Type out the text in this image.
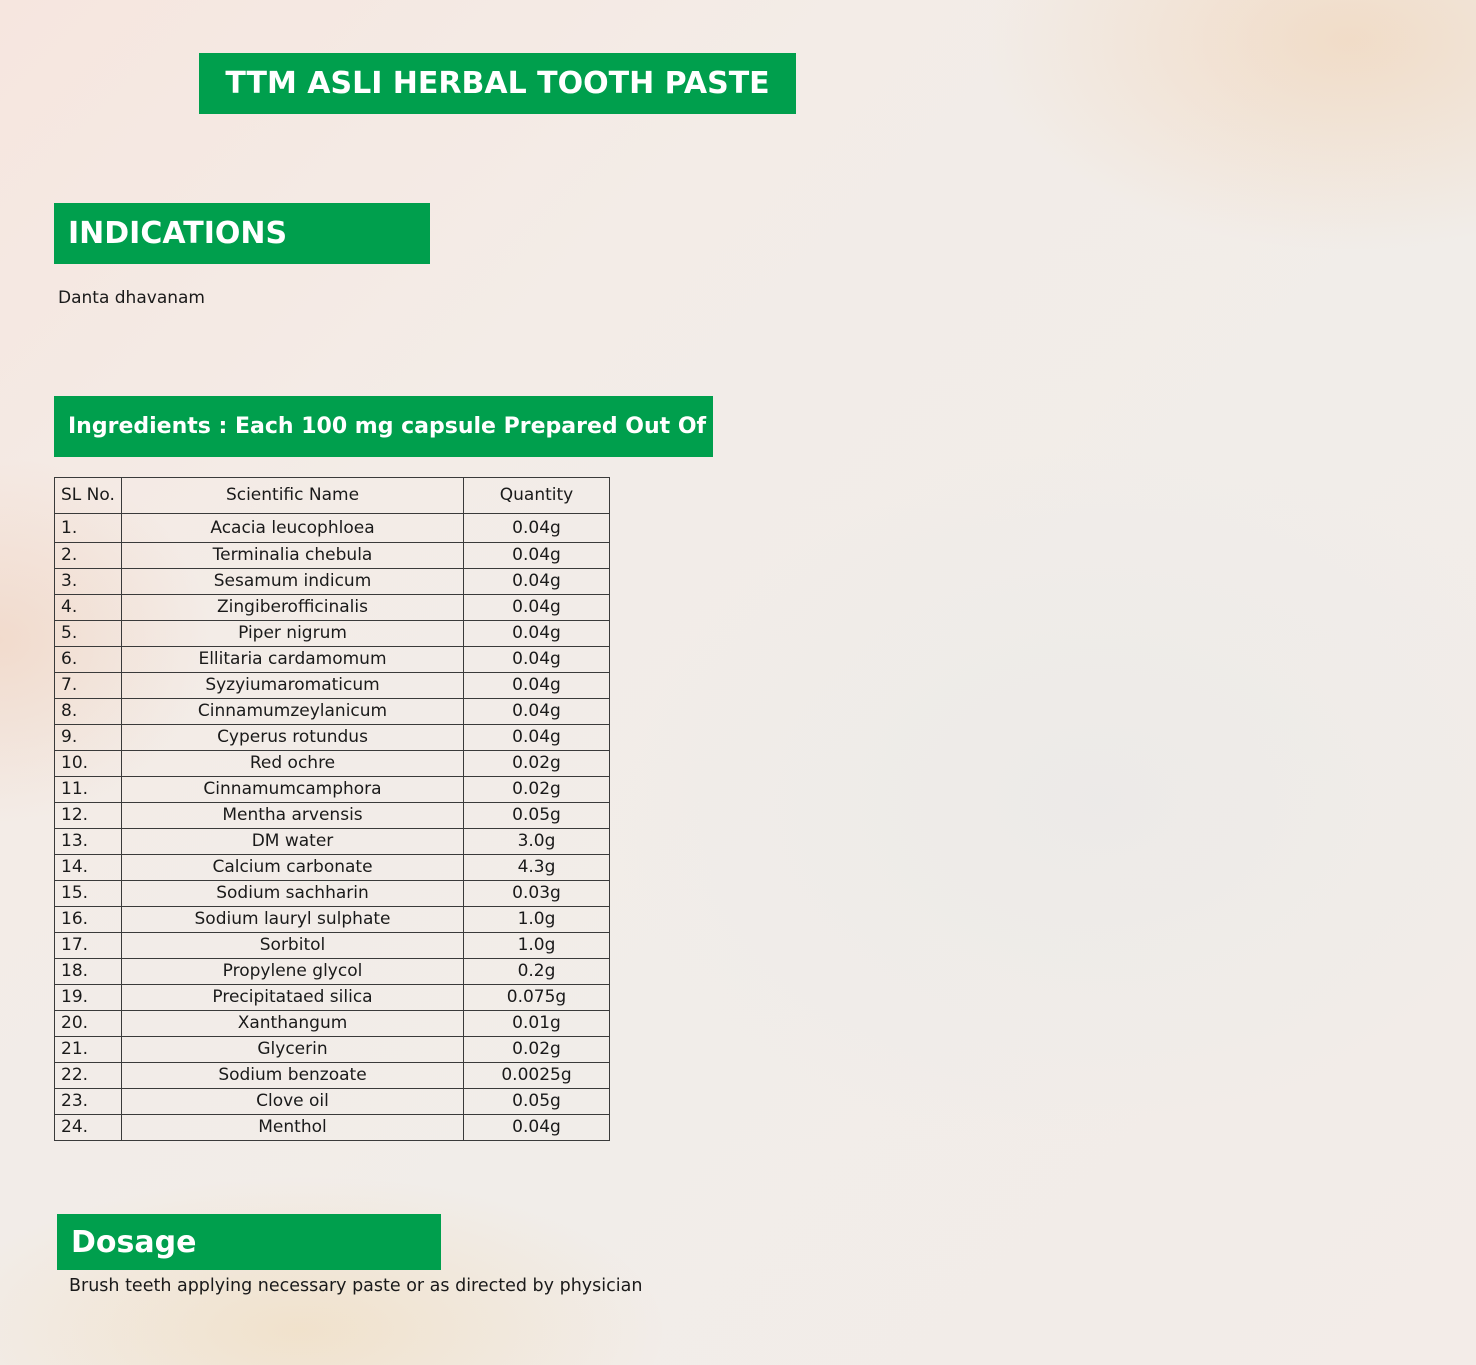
TTM ASLI HERBAL TOOTH PASTE
INDICATIONS
Danta dhavanam
Ingredients : Each 100 mg capsule Prepared Out Of
SL No.	Scientific Name	Quantity
1.	Acacia leucophloea	0.04g
2.	Terminalia chebula	0.04g
3.	Sesamum indicum	0.04g
4.	Zingiberofficinalis	0.04g
5.	Piper nigrum	0.04g
6.	Ellitaria cardamomum	0.04g
7.	Syzyiumaromaticum	0.04g
8.	Cinnamumzeylanicum	0.04g
9.	Cyperus rotundus	0.04g
10.	Red ochre	0.02g
11.	Cinnamumcamphora	0.02g
12.	Mentha arvensis	0.05g
13.	DM water	3.0g
14.	Calcium carbonate	4.3g
15.	Sodium sachharin	0.03g
16.	Sodium lauryl sulphate	1.0g
17.	Sorbitol	1.0g
18.	Propylene glycol	0.2g
19.	Precipitataed silica	0.075g
20.	Xanthangum	0.01g
21.	Glycerin	0.02g
22.	Sodium benzoate	0.0025g
23.	Clove oil	0.05g
24.	Menthol	0.04g
Dosage
Brush teeth applying necessary paste or as directed by physician
